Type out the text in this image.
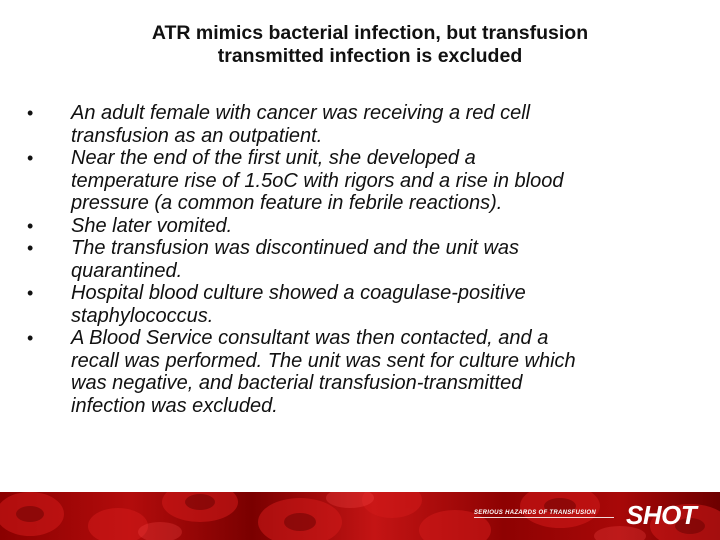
ATR mimics bacterial infection, but transfusion
transmitted infection is excluded
• An adult female with cancer was receiving a red cell
transfusion as an outpatient.
• Near the end of the first unit, she developed a
temperature rise of 1.5oC with rigors and a rise in blood
pressure (a common feature in febrile reactions).
• She later vomited.
• The transfusion was discontinued and the unit was
quarantined.
• Hospital blood culture showed a coagulase-positive
staphylococcus.
• A Blood Service consultant was then contacted, and a
recall was performed. The unit was sent for culture which
was negative, and bacterial transfusion-transmitted
infection was excluded.
SERIOUS HAZARDS OF TRANSFUSION	SHOT
